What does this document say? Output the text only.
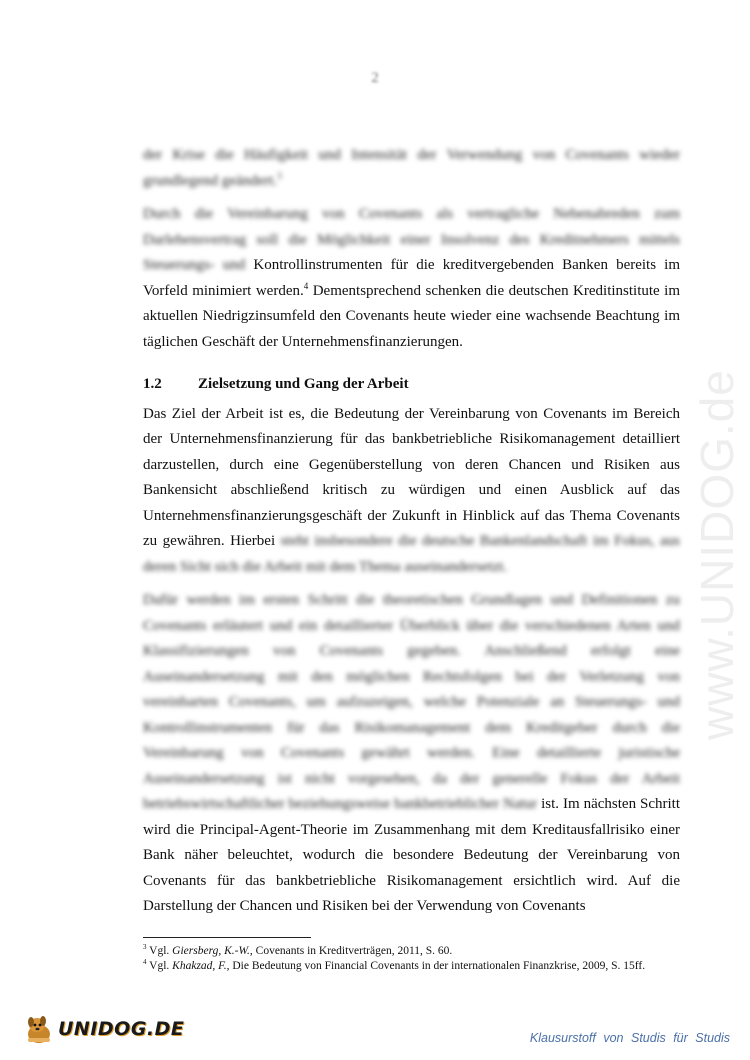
2
www.UNIDOG.de

der Krise die Häufigkeit und Intensität der Verwendung von Covenants wieder grundlegend geändert.$^3$

Durch die Vereinbarung von Covenants als vertragliche Nebenabreden zum Darlehensvertrag soll die Möglichkeit einer Insolvenz des Kreditnehmers mittels Steuerungs- und Kontrollinstrumenten für die kreditvergebenden Banken bereits im Vorfeld minimiert werden.$^4$ Dementsprechend schenken die deutschen Kreditinstitute im aktuellen Niedrigzinsumfeld den Covenants heute wieder eine wachsende Beachtung im täglichen Geschäft der Unternehmensfinanzierungen.

1.2	Zielsetzung und Gang der Arbeit

Das Ziel der Arbeit ist es, die Bedeutung der Vereinbarung von Covenants im Bereich der Unternehmensfinanzierung für das bankbetriebliche Risikomanagement detailliert darzustellen, durch eine Gegenüberstellung von deren Chancen und Risiken aus Bankensicht abschließend kritisch zu würdigen und einen Ausblick auf das Unternehmensfinanzierungsgeschäft der Zukunft in Hinblick auf das Thema Covenants zu gewähren. Hierbei steht insbesondere die deutsche Bankenlandschaft im Fokus, aus deren Sicht sich die Arbeit mit dem Thema auseinandersetzt.

Dafür werden im ersten Schritt die theoretischen Grundlagen und Definitionen zu Covenants erläutert und ein detaillierter Überblick über die verschiedenen Arten und Klassifizierungen von Covenants gegeben. Anschließend erfolgt eine Auseinandersetzung mit den möglichen Rechtsfolgen bei der Verletzung von vereinbarten Covenants, um aufzuzeigen, welche Potenziale an Steuerungs- und Kontrollinstrumenten für das Risikomanagement dem Kreditgeber durch die Vereinbarung von Covenants gewährt werden. Eine detaillierte juristische Auseinandersetzung ist nicht vorgesehen, da der generelle Fokus der Arbeit betriebswirtschaftlicher beziehungsweise bankbetrieblicher Natur ist. Im nächsten Schritt wird die Principal-Agent-Theorie im Zusammenhang mit dem Kreditausfallrisiko einer Bank näher beleuchtet, wodurch die besondere Bedeutung der Vereinbarung von Covenants für das bankbetriebliche Risikomanagement ersichtlich wird. Auf die Darstellung der Chancen und Risiken bei der Verwendung von Covenants

$^3$ Vgl. Giersberg, K.-W., Covenants in Kreditverträgen, 2011, S. 60.

$^4$ Vgl. Khakzad, F., Die Bedeutung von Financial Covenants in der internationalen Finanzkrise, 2009, S. 15ff.

UNIDOG.DE	Klausurstoff von Studis für Studis
